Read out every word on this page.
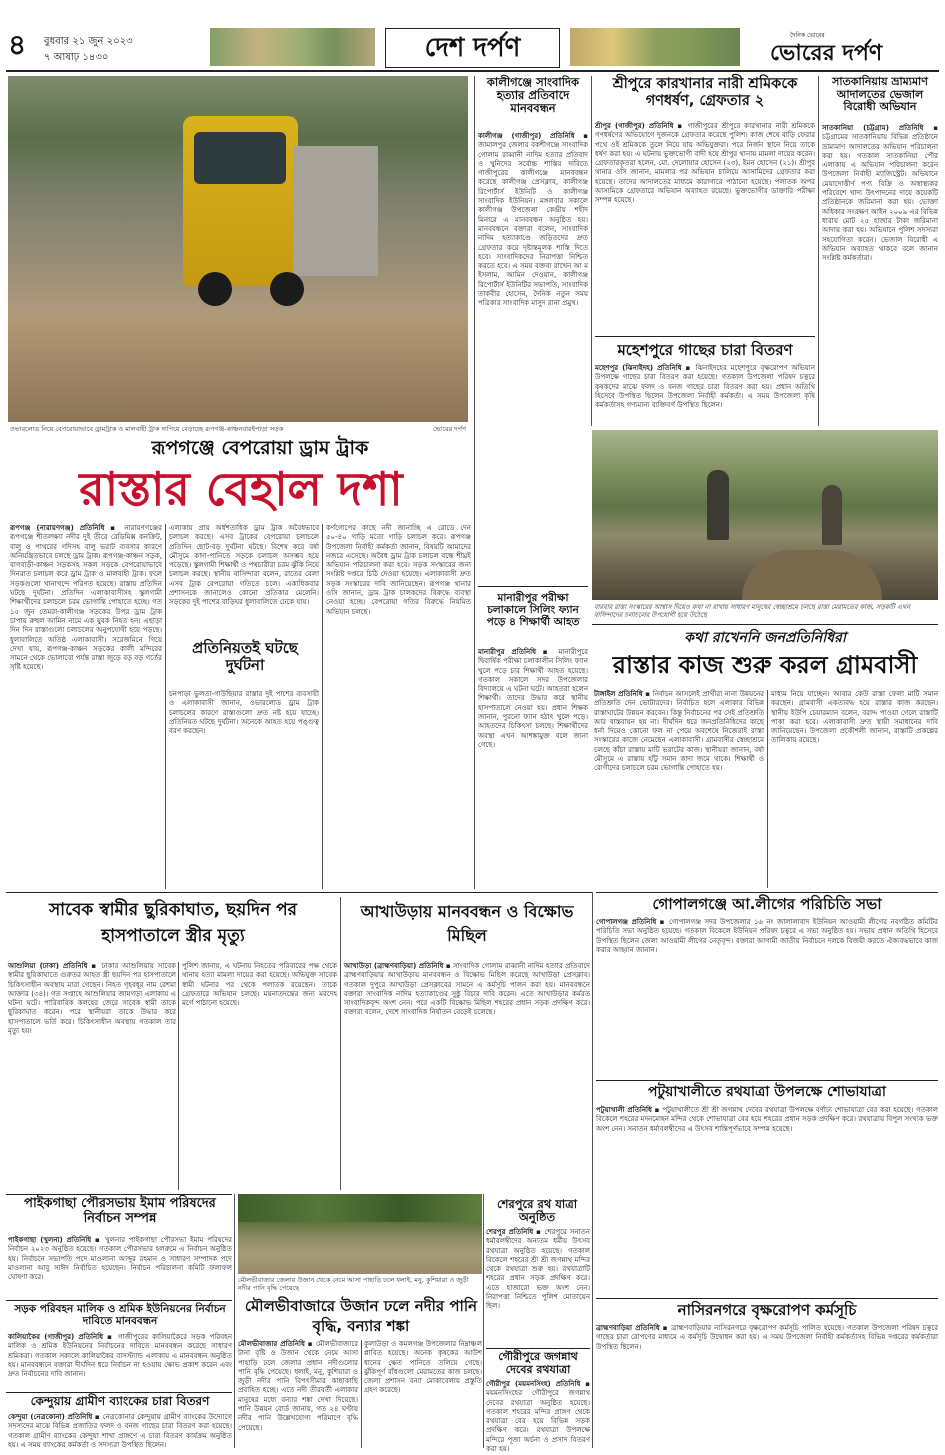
৪ বুধবার ২১ জুন ২০২৩
৭ আষাঢ় ১৪৩০	দেশ দর্পণ	দৈনিক ভোরের
ভোরের দর্পণ
ওভারলোড নিয়ে বেপরোয়াভাবে ড্রামট্রাক ও মালবাহী ট্রাক দাপিয়ে বেড়াচ্ছে রূপগঞ্জ-কাঞ্চনবারইপাড়া সড়ক	ভোরের দর্পণ
রূপগঞ্জে বেপরোয়া ড্রাম ট্রাক
রাস্তার বেহাল দশা
রূপগঞ্জ (নারায়ণগঞ্জ) প্রতিনিধি ▪ নারায়ণগঞ্জের রূপগঞ্জে শীতলক্ষ্যা নদীর দুই তীরে রেডিমিক্স কনক্রিট, বালু ও পাথরের গদিসহ বালু ভরাট ব্যবসার কারণে অনিয়ন্ত্রিতভাবে চলছে ড্রাম ট্রাক। রূপগঞ্জ-কাঞ্চন সড়ক, বাগবাড়ী-কাঞ্চন সড়কসহ সকল সড়কে বেপরোয়াভাবে দিনরাত চলাচল করে ড্রাম ট্রাক ও মালবাহী ট্রাক। ফলে সড়কগুলো খানাখন্দে পরিণত হয়েছে। রাস্তায় প্রতিদিন ঘটছে দুর্ঘটনা। প্রতিদিন এলাকাবাসীসহ স্কুলগামী শিক্ষার্থীদের চলাচলে চরম ভোগান্তি পোহাতে হচ্ছে। গত ১৫ জুন তেমরা-কালীগঞ্জ সড়কের উপর ড্রাম ট্রাক চাপায় রুহুল আমিন নামে এক যুবক নিহত হন। এছাড়া দিন দিন রাস্তাগুলো চলাচলের অনুপযোগী হয়ে পড়ছে। ধুলাবালিতে অতিষ্ঠ এলাকাবাসী। সরেজমিনে গিয়ে দেখা যায়, রূপগঞ্জ-কাঞ্চন সড়কের কালী মন্দিরের সামনে থেকে ভোলাবো পর্যন্ত রাস্তা জুড়ে বড় বড় গর্তের সৃষ্টি হয়েছে।
এলাকায় প্রায় অর্ধশতাধিক ড্রাম ট্রাক অবৈধভাবে চলাচল করছে। এসব ট্রাকের বেপরোয়া চলাচলে প্রতিদিন ছোট-বড় দুর্ঘটনা ঘটছে। বিশেষ করে বর্ষা মৌসুমে কাদা-পানিতে সড়কে চলাচল অসম্ভব হয়ে পড়েছে। স্কুলগামী শিক্ষার্থী ও পথচারীরা চরম ঝুঁকি নিয়ে চলাচল করছে। স্থানীয় বাসিন্দারা বলেন, রাতের বেলা এসব ট্রাক বেপরোয়া গতিতে চলে। একাধিকবার প্রশাসনকে জানালেও কোনো প্রতিকার মেলেনি। সড়কের দুই পাশের বাড়িঘর ধুলাবালিতে ঢেকে যায়।
প্রতিনিয়তই ঘটছে দুর্ঘটনা
চনপাড়া ভুলতা-গাউছিয়ার রাস্তার দুই পাশের ব্যবসায়ী ও এলাকাবাসী জানান, ওভারলোড ড্রাম ট্রাক চলাচলের কারণে রাস্তাগুলো দ্রুত নষ্ট হয়ে যাচ্ছে। প্রতিনিয়ত ঘটছে দুর্ঘটনা। অনেকে আহত হয়ে পঙ্গুত্ব বরণ করছেন।
কর্ণগোপের কাছে নদী জানাচ্ছি এ রোডে দেন ৫০-৪০ গাড়ি মতো গাড়ি চলাচল করে। রূপগঞ্জ উপজেলা নির্বাহী কর্মকর্তা জানান, বিষয়টি আমাদের নজরে এসেছে। অবৈধ ড্রাম ট্রাক চলাচল বন্ধে শীঘ্রই অভিযান পরিচালনা করা হবে। সড়ক সংস্কারের জন্য সংশ্লিষ্ট দপ্তরে চিঠি দেওয়া হয়েছে। এলাকাবাসী দ্রুত সড়ক সংস্কারের দাবি জানিয়েছেন। রূপগঞ্জ থানার ওসি জানান, ড্রাম ট্রাক চালকদের বিরুদ্ধে ব্যবস্থা নেওয়া হচ্ছে। বেপরোয়া গতির বিরুদ্ধে নিয়মিত অভিযান চলছে।
কালীগঞ্জে সাংবাদিক হত্যার প্রতিবাদে মানববন্ধন
কালীগঞ্জ (গাজীপুর) প্রতিনিধি ▪ জামালপুর জেলার বকশীগঞ্জে সাংবাদিক গোলাম রাব্বানী নাদিম হত্যার প্রতিবাদ ও খুনিদের সর্বোচ্চ শাস্তির দাবিতে গাজীপুরের কালীগঞ্জে মানববন্ধন করেছে কালীগঞ্জ প্রেসক্লাব, কালীগঞ্জ রিপোর্টার্স ইউনিটি ও কালীগঞ্জ সাংবাদিক ইউনিয়ন। মঙ্গলবার সকালে কালীগঞ্জ উপজেলা কেন্দ্রীয় শহীদ মিনারে এ মানববন্ধন অনুষ্ঠিত হয়। মানববন্ধনে বক্তারা বলেন, সাংবাদিক নাদিম হত্যাকাণ্ডে জড়িতদের দ্রুত গ্রেফতার করে দৃষ্টান্তমূলক শাস্তি দিতে হবে। সাংবাদিকদের নিরাপত্তা নিশ্চিত করতে হবে। এ সময় বক্তব্য রাখেন আ ম ইসলাম, আমিন দেওয়ান, কালীগঞ্জ রিপোর্টার্স ইউনিটির সভাপতি, সাংবাদিক তাকবীর হোসেন, দৈনিক নতুন সময় পত্রিকার সাংবাদিক মাসুদ রানা প্রমুখ।
মানারীপুর পরীক্ষা চলাকালে সিলিং ফ্যান পড়ে ৪ শিক্ষার্থী আহত
মানারীপুর প্রতিনিধি ▪ মানারীপুরে দ্বিবার্ষিক পরীক্ষা চলাকালীন সিলিং ফ্যান খুলে পড়ে চার শিক্ষার্থী আহত হয়েছে। গতকাল সকালে সদর উপজেলার বিদ্যালয়ে এ ঘটনা ঘটে। আহতরা হলেন শিক্ষার্থী। তাদের উদ্ধার করে স্থানীয় হাসপাতালে নেওয়া হয়। প্রধান শিক্ষক জানান, পুরনো ফ্যান হঠাৎ খুলে পড়ে। আহতদের চিকিৎসা চলছে। শিক্ষার্থীদের অবস্থা এখন আশঙ্কামুক্ত বলে জানা গেছে।
শ্রীপুরে কারখানার নারী শ্রমিককে গণধর্ষণ, গ্রেফতার ২
শ্রীপুর (গাজীপুর) প্রতিনিধি ▪ গাজীপুরের শ্রীপুরে কারখানার নারী শ্রমিককে গণধর্ষণের অভিযোগে দুজনকে গ্রেফতার করেছে পুলিশ। কাজ শেষে বাড়ি ফেরার পথে ওই শ্রমিককে তুলে নিয়ে যায় অভিযুক্তরা। পরে নির্জন স্থানে নিয়ে তাকে ধর্ষণ করা হয়। এ ঘটনায় ভুক্তভোগী বাদী হয়ে শ্রীপুর থানায় মামলা দায়ের করেন। গ্রেফতারকৃতরা হলেন, মো. দেলোয়ার হোসেন (২৩), ইমন হোসেন (২১)। শ্রীপুর থানার ওসি জানান, মামলার পর অভিযান চালিয়ে আসামিদের গ্রেফতার করা হয়েছে। তাদের আদালতের মাধ্যমে কারাগারে পাঠানো হয়েছে। পলাতক অপর আসামিকে গ্রেফতারে অভিযান অব্যাহত রয়েছে। ভুক্তভোগীর ডাক্তারি পরীক্ষা সম্পন্ন হয়েছে।
মহেশপুরে গাছের চারা বিতরণ
মহেশপুর (ঝিনাইদহ) প্রতিনিধি ▪ ঝিনাইদহের মহেশপুরে বৃক্ষরোপণ অভিযান উপলক্ষে গাছের চারা বিতরণ করা হয়েছে। গতকাল উপজেলা পরিষদ চত্বরে কৃষকদের মাঝে ফলদ ও বনজ গাছের চারা বিতরণ করা হয়। প্রধান অতিথি হিসেবে উপস্থিত ছিলেন উপজেলা নির্বাহী কর্মকর্তা। এ সময় উপজেলা কৃষি কর্মকর্তাসহ গণ্যমান্য ব্যক্তিবর্গ উপস্থিত ছিলেন।
সাতকানিয়ায় ভ্রাম্যমাণ আদালতের ভেজাল বিরোধী অভিযান
সাতকানিয়া (চট্টগ্রাম) প্রতিনিধি ▪ চট্টগ্রামের সাতকানিয়ায় বিভিন্ন প্রতিষ্ঠানে ভ্রাম্যমাণ আদালতের অভিযান পরিচালনা করা হয়। গতকাল সাতকানিয়া পৌর এলাকায় এ অভিযান পরিচালনা করেন উপজেলা নির্বাহী ম্যাজিস্ট্রেট। অভিযানে মেয়াদোত্তীর্ণ পণ্য বিক্রি ও অস্বাস্থ্যকর পরিবেশে খাদ্য উৎপাদনের দায়ে কয়েকটি প্রতিষ্ঠানকে জরিমানা করা হয়। ভোক্তা অধিকার সংরক্ষণ আইন ২০০৯ এর বিভিন্ন ধারায় মোট ২৫ হাজার টাকা জরিমানা আদায় করা হয়। অভিযানে পুলিশ সদস্যরা সহযোগিতা করেন। ভেজাল বিরোধী এ অভিযান অব্যাহত থাকবে বলে জানান সংশ্লিষ্ট কর্মকর্তারা।
বারবার রাস্তা সংস্কারের আশ্বাস দিয়েও কথা না রাখায় সাধারণ মানুষের স্বেচ্ছাশ্রমে চলছে রাস্তা মেরামতের কাজ, সড়কটি এখন বাসিন্দাদের চলাচলের উপযোগী হয়ে উঠেছে
কথা রাখেননি জনপ্রতিনিধিরা
রাস্তার কাজ শুরু করল গ্রামবাসী
টাঙ্গাইল প্রতিনিধি ▪ নির্বাচন আসলেই প্রার্থীরা নানা উন্নয়নের প্রতিশ্রুতি দেন ভোটারদের। নির্বাচিত হলে এলাকার বিভিন্ন রাস্তাঘাটের উন্নয়ন করবেন। কিন্তু নির্বাচনের পর সেই প্রতিশ্রুতি আর বাস্তবায়ন হয় না। দীর্ঘদিন ধরে জনপ্রতিনিধিদের কাছে ধর্না দিয়েও কোনো ফল না পেয়ে অবশেষে নিজেরাই রাস্তা সংস্কারের কাজে নেমেছেন এলাকাবাসী। গ্রামবাসীর স্বেচ্ছাশ্রমে চলছে কাঁচা রাস্তায় মাটি ভরাটের কাজ। স্থানীয়রা জানান, বর্ষা মৌসুমে এ রাস্তায় হাঁটু সমান কাদা জমে থাকে। শিক্ষার্থী ও রোগীদের চলাচলে চরম ভোগান্তি পোহাতে হয়।
মাধ্যম নিয়ে যাচ্ছেন। আবার কেউ রাস্তা ফেলা মাটি সমান করছেন। গ্রামবাসী একতাবদ্ধ হয়ে রাস্তার কাজ করছেন। স্থানীয় ইউপি চেয়ারম্যান বলেন, বরাদ্দ পাওয়া গেলে রাস্তাটি পাকা করা হবে। এলাকাবাসী দ্রুত স্থায়ী সমাধানের দাবি জানিয়েছেন। উপজেলা প্রকৌশলী জানান, রাস্তাটি প্রকল্পের তালিকায় রয়েছে।
সাবেক স্বামীর ছুরিকাঘাত, ছয়দিন পর হাসপাতালে স্ত্রীর মৃত্যু
আশুলিয়া (ঢাকা) প্রতিনিধি ▪ ঢাকার আশুলিয়ায় সাবেক স্বামীর ছুরিকাঘাতে গুরুতর আহত স্ত্রী ছয়দিন পর হাসপাতালে চিকিৎসাধীন অবস্থায় মারা গেছেন। নিহত গৃহবধূর নাম রেশমা আক্তার (৩৪)। গত সপ্তাহে আশুলিয়ার জামগড়া এলাকায় এ ঘটনা ঘটে। পারিবারিক কলহের জেরে সাবেক স্বামী তাকে ছুরিকাঘাত করেন। পরে স্থানীয়রা তাকে উদ্ধার করে হাসপাতালে ভর্তি করে। চিকিৎসাধীন অবস্থায় গতকাল তার মৃত্যু হয়।
পুলিশ জানায়, এ ঘটনায় নিহতের পরিবারের পক্ষ থেকে থানায় হত্যা মামলা দায়ের করা হয়েছে। অভিযুক্ত সাবেক স্বামী ঘটনার পর থেকে পলাতক রয়েছেন। তাকে গ্রেফতারে অভিযান চলছে। ময়নাতদন্তের জন্য মরদেহ মর্গে পাঠানো হয়েছে।
আখাউড়ায় মানববন্ধন ও বিক্ষোভ মিছিল
আখাউড়া (ব্রাহ্মণবাড়িয়া) প্রতিনিধি ▪ সাংবাদিক গোলাম রাব্বানী নাদিম হত্যার প্রতিবাদে ব্রাহ্মণবাড়িয়ার আখাউড়ায় মানববন্ধন ও বিক্ষোভ মিছিল করেছে আখাউড়া প্রেসক্লাব। গতকাল দুপুরে আখাউড়া প্রেসক্লাবের সামনে এ কর্মসূচি পালন করা হয়। মানববন্ধনে বক্তারা সাংবাদিক নাদিম হত্যাকাণ্ডের সুষ্ঠু বিচার দাবি করেন। এতে আখাউড়ার কর্মরত সাংবাদিকবৃন্দ অংশ নেন। পরে একটি বিক্ষোভ মিছিল শহরের প্রধান সড়ক প্রদক্ষিণ করে। বক্তারা বলেন, দেশে সাংবাদিক নির্যাতন বেড়েই চলেছে।
শেরপুরে রথ যাত্রা অনুষ্ঠিত
গোপালগঞ্জে আ.লীগের পরিচিতি সভা
গোপালগঞ্জ প্রতিনিধি ▪ গোপালগঞ্জ সদর উপজেলার ১৬ নং জালালাবাদ ইউনিয়ন আওয়ামী লীগের নবগঠিত কমিটির পরিচিতি সভা অনুষ্ঠিত হয়েছে। গতকাল বিকেলে ইউনিয়ন পরিষদ চত্বরে এ সভা অনুষ্ঠিত হয়। সভায় প্রধান অতিথি হিসেবে উপস্থিত ছিলেন জেলা আওয়ামী লীগের নেতৃবৃন্দ। বক্তারা আগামী জাতীয় নির্বাচনে দলকে বিজয়ী করতে ঐক্যবদ্ধভাবে কাজ করার আহ্বান জানান।
পটুয়াখালীতে রথযাত্রা উপলক্ষে শোভাযাত্রা
পটুয়াখালী প্রতিনিধি ▪ পটুয়াখালীতে শ্রী শ্রী জগন্নাথ দেবের রথযাত্রা উপলক্ষে বর্ণাঢ্য শোভাযাত্রা বের করা হয়েছে। গতকাল বিকেলে শহরের মদনমোহন মন্দির থেকে শোভাযাত্রা বের হয়ে শহরের প্রধান সড়ক প্রদক্ষিণ করে। রথযাত্রায় বিপুল সংখ্যক ভক্ত অংশ নেন। সনাতন ধর্মাবলম্বীদের এ উৎসব শান্তিপূর্ণভাবে সম্পন্ন হয়েছে।
নাসিরনগরে বৃক্ষরোপণ কর্মসূচি
ব্রাহ্মণবাড়িয়া প্রতিনিধি ▪ ব্রাহ্মণবাড়িয়ার নাসিরনগরে বৃক্ষরোপণ কর্মসূচি পালিত হয়েছে। গতকাল উপজেলা পরিষদ চত্বরে গাছের চারা রোপণের মাধ্যমে এ কর্মসূচি উদ্বোধন করা হয়। এ সময় উপজেলা নির্বাহী কর্মকর্তাসহ বিভিন্ন দপ্তরের কর্মকর্তারা উপস্থিত ছিলেন।
পাইকগাছা পৌরসভায় ইমাম পরিষদের নির্বাচন সম্পন্ন
পাইকগাছা (খুলনা) প্রতিনিধি ▪ খুলনার পাইকগাছা পৌরসভা ইমাম পরিষদের নির্বাচন ২০২৩ অনুষ্ঠিত হয়েছে। গতকাল পৌরসভার হলরুমে এ নির্বাচন অনুষ্ঠিত হয়। নির্বাচনে সভাপতি পদে মাওলানা আব্দুর রহমান ও সাধারণ সম্পাদক পদে মাওলানা আবু সাঈদ নির্বাচিত হয়েছেন। নির্বাচন পরিচালনা কমিটি ফলাফল ঘোষণা করে।
সড়ক পরিবহন মালিক ও শ্রমিক ইউনিয়নের নির্বাচন দাবিতে মানববন্ধন
কালিয়াকৈর (গাজীপুর) প্রতিনিধি ▪ গাজীপুরের কালিয়াকৈরে সড়ক পরিবহন মালিক ও শ্রমিক ইউনিয়নের নির্বাচনের দাবিতে মানববন্ধন করেছে সাধারণ শ্রমিকরা। গতকাল সকালে কালিয়াকৈর বাসস্ট্যান্ড এলাকায় এ মানববন্ধন অনুষ্ঠিত হয়। মানববন্ধনে বক্তারা দীর্ঘদিন ধরে নির্বাচন না হওয়ায় ক্ষোভ প্রকাশ করেন এবং দ্রুত নির্বাচনের দাবি জানান।
কেন্দুয়ায় গ্রামীণ ব্যাংকের চারা বিতরণ
কেন্দুয়া (নেত্রকোনা) প্রতিনিধি ▪ নেত্রকোনার কেন্দুয়ায় গ্রামীণ ব্যাংকের উদ্যোগে সদস্যদের মাঝে বিভিন্ন প্রজাতির ফলদ ও বনজ গাছের চারা বিতরণ করা হয়েছে। গতকাল গ্রামীণ ব্যাংকের কেন্দুয়া শাখা প্রাঙ্গণে এ চারা বিতরণ কার্যক্রম অনুষ্ঠিত হয়। এ সময় ব্যাংকের কর্মকর্তা ও সদস্যরা উপস্থিত ছিলেন।
মৌলভীবাজার জেলায় উজান থেকে নেমে আসা পাহাড়ি ঢলে ধলাই, মনু, কুশিয়ারা ও জুড়ী নদীর পানি বৃদ্ধি পেয়েছে
মৌলভীবাজারে উজান ঢলে নদীর পানি বৃদ্ধি, বন্যার শঙ্কা
মৌলভীবাজার প্রতিনিধি ▪ মৌলভীবাজারে টানা বৃষ্টি ও উজান থেকে নেমে আসা পাহাড়ি ঢলে জেলার প্রধান নদীগুলোর পানি বৃদ্ধি পেয়েছে। ধলাই, মনু, কুশিয়ারা ও জুড়ী নদীর পানি বিপৎসীমার কাছাকাছি প্রবাহিত হচ্ছে। এতে নদী তীরবর্তী এলাকার মানুষের মধ্যে বন্যার শঙ্কা দেখা দিয়েছে। পানি উন্নয়ন বোর্ড জানায়, গত ২৪ ঘণ্টায় নদীর পানি উল্লেখযোগ্য পরিমাণে বৃদ্ধি পেয়েছে।
কুলাউড়া ও কমলগঞ্জ উপজেলার নিম্নাঞ্চল প্লাবিত হয়েছে। অনেক কৃষকের আউশ ধানের ক্ষেত পানিতে তলিয়ে গেছে। ঝুঁকিপূর্ণ বাঁধগুলো মেরামতের কাজ চলছে। জেলা প্রশাসন বন্যা মোকাবেলায় প্রস্তুতি গ্রহণ করেছে।
শেরপুর প্রতিনিধি ▪ শেরপুরে সনাতন ধর্মাবলম্বীদের অন্যতম ধর্মীয় উৎসব রথযাত্রা অনুষ্ঠিত হয়েছে। গতকাল বিকেলে শহরের শ্রী শ্রী জগন্নাথ মন্দির থেকে রথযাত্রা শুরু হয়। রথযাত্রাটি শহরের প্রধান সড়ক প্রদক্ষিণ করে। এতে হাজারো ভক্ত অংশ নেন। নিরাপত্তা নিশ্চিতে পুলিশ মোতায়েন ছিল।
গৌরীপুরে জগন্নাথ দেবের রথযাত্রা
গৌরীপুর (ময়মনসিংহ) প্রতিনিধি ▪ ময়মনসিংহের গৌরীপুরে জগন্নাথ দেবের রথযাত্রা অনুষ্ঠিত হয়েছে। গতকাল শহরের মন্দির প্রাঙ্গণ থেকে রথযাত্রা বের হয়ে বিভিন্ন সড়ক প্রদক্ষিণ করে। রথযাত্রা উপলক্ষে মন্দিরে পূজা অর্চনা ও প্রসাদ বিতরণ করা হয়।
